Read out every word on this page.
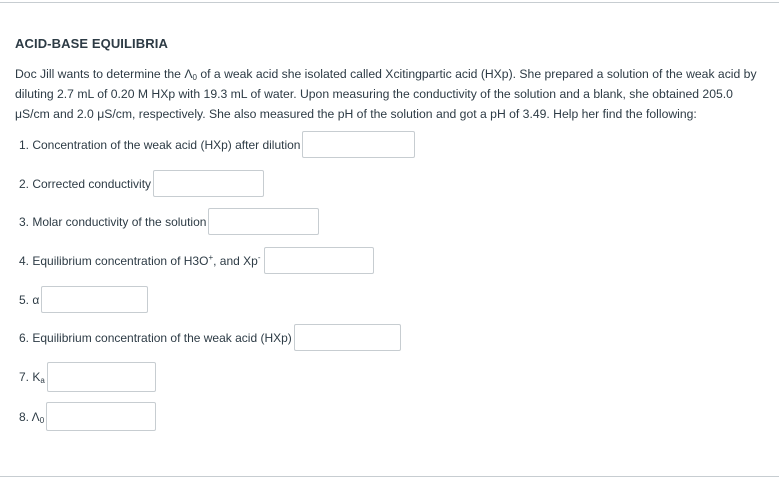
ACID-BASE EQUILIBRIA
Doc Jill wants to determine the $\Lambda_0$ of a weak acid she isolated called Xcitingpartic acid (HXp). She prepared a solution of the weak acid by diluting 2.7 mL of 0.20 M HXp with 19.3 mL of water. Upon measuring the conductivity of the solution and a blank, she obtained 205.0 μS/cm and 2.0 μS/cm, respectively. She also measured the pH of the solution and got a pH of 3.49. Help her find the following:
1. Concentration of the weak acid (HXp) after dilution
2. Corrected conductivity
3. Molar conductivity of the solution
4. Equilibrium concentration of H3O+, and Xp-
5. α
6. Equilibrium concentration of the weak acid (HXp)
7. $K_a$
8. $\Lambda_0$
